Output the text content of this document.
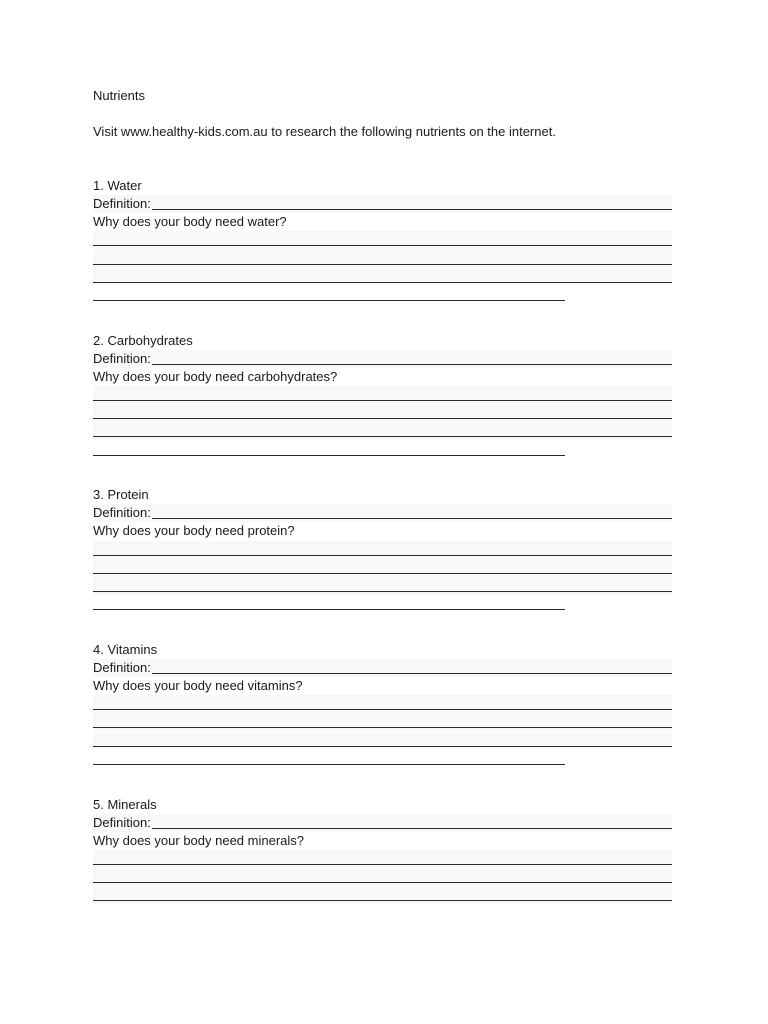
Nutrients
Visit www.healthy-kids.com.au to research the following nutrients on the internet.
1. Water
Definition:
Why does your body need water?
2. Carbohydrates
Definition:
Why does your body need carbohydrates?
3. Protein
Definition:
Why does your body need protein?
4. Vitamins
Definition:
Why does your body need vitamins?
5. Minerals
Definition:
Why does your body need minerals?
